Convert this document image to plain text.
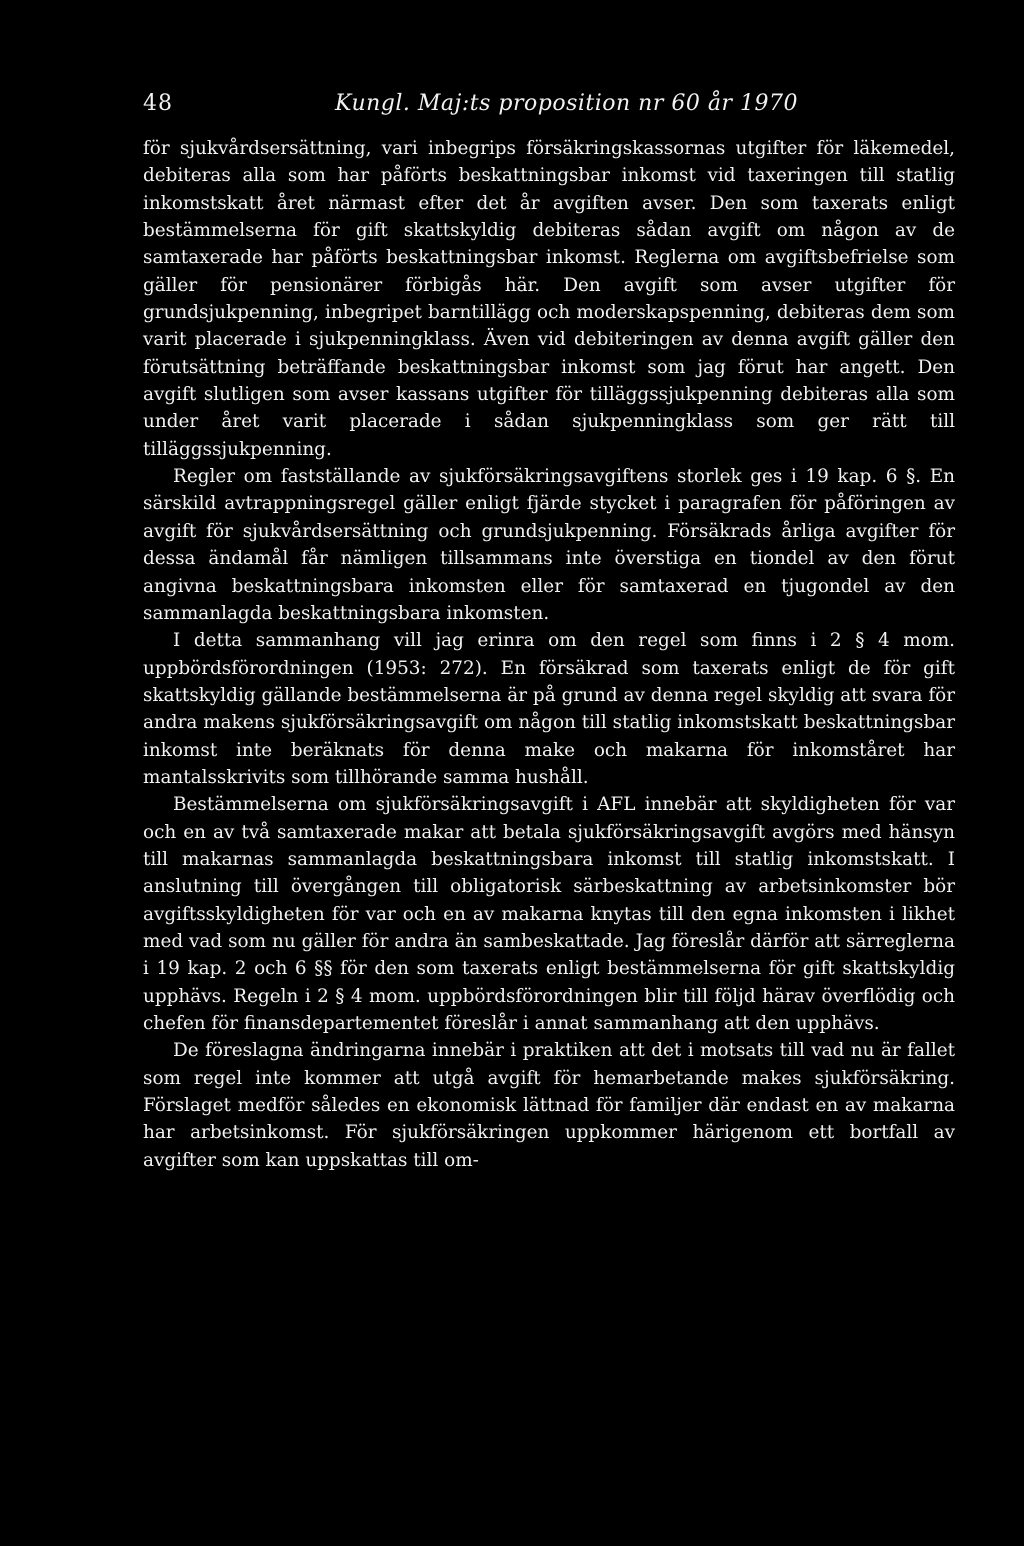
48	Kungl. Maj:ts proposition nr 60 år 1970

för sjukvårdsersättning, vari inbegrips försäkringskassornas utgifter för läkemedel, debiteras alla som har påförts beskattningsbar inkomst vid taxeringen till statlig inkomstskatt året närmast efter det år avgiften avser. Den som taxerats enligt bestämmelserna för gift skattskyldig debiteras sådan avgift om någon av de samtaxerade har påförts beskattningsbar inkomst. Reglerna om avgiftsbefrielse som gäller för pensionärer förbigås här. Den avgift som avser utgifter för grundsjukpenning, inbegripet barntillägg och moderskapspenning, debiteras dem som varit placerade i sjukpenningklass. Även vid debiteringen av denna avgift gäller den förutsättning beträffande beskattningsbar inkomst som jag förut har angett. Den avgift slutligen som avser kassans utgifter för tilläggssjukpenning debiteras alla som under året varit placerade i sådan sjukpenningklass som ger rätt till tilläggssjukpenning.

Regler om fastställande av sjukförsäkringsavgiftens storlek ges i 19 kap. 6 §. En särskild avtrappningsregel gäller enligt fjärde stycket i paragrafen för påföringen av avgift för sjukvårdsersättning och grundsjukpenning. Försäkrads årliga avgifter för dessa ändamål får nämligen tillsammans inte överstiga en tiondel av den förut angivna beskattningsbara inkomsten eller för samtaxerad en tjugondel av den sammanlagda beskattningsbara inkomsten.

I detta sammanhang vill jag erinra om den regel som finns i 2 § 4 mom. uppbördsförordningen (1953: 272). En försäkrad som taxerats enligt de för gift skattskyldig gällande bestämmelserna är på grund av denna regel skyldig att svara för andra makens sjukförsäkringsavgift om någon till statlig inkomstskatt beskattningsbar inkomst inte beräknats för denna make och makarna för inkomståret har mantalsskrivits som tillhörande samma hushåll.

Bestämmelserna om sjukförsäkringsavgift i AFL innebär att skyldigheten för var och en av två samtaxerade makar att betala sjukförsäkringsavgift avgörs med hänsyn till makarnas sammanlagda beskattningsbara inkomst till statlig inkomstskatt. I anslutning till övergången till obligatorisk särbeskattning av arbetsinkomster bör avgiftsskyldigheten för var och en av makarna knytas till den egna inkomsten i likhet med vad som nu gäller för andra än sambeskattade. Jag föreslår därför att särreglerna i 19 kap. 2 och 6 §§ för den som taxerats enligt bestämmelserna för gift skattskyldig upphävs. Regeln i 2 § 4 mom. uppbördsförordningen blir till följd härav överflödig och chefen för finansdepartementet föreslår i annat sammanhang att den upphävs.

De föreslagna ändringarna innebär i praktiken att det i motsats till vad nu är fallet som regel inte kommer att utgå avgift för hemarbetande makes sjukförsäkring. Förslaget medför således en ekonomisk lättnad för familjer där endast en av makarna har arbetsinkomst. För sjukförsäkringen uppkommer härigenom ett bortfall av avgifter som kan uppskattas till om-
